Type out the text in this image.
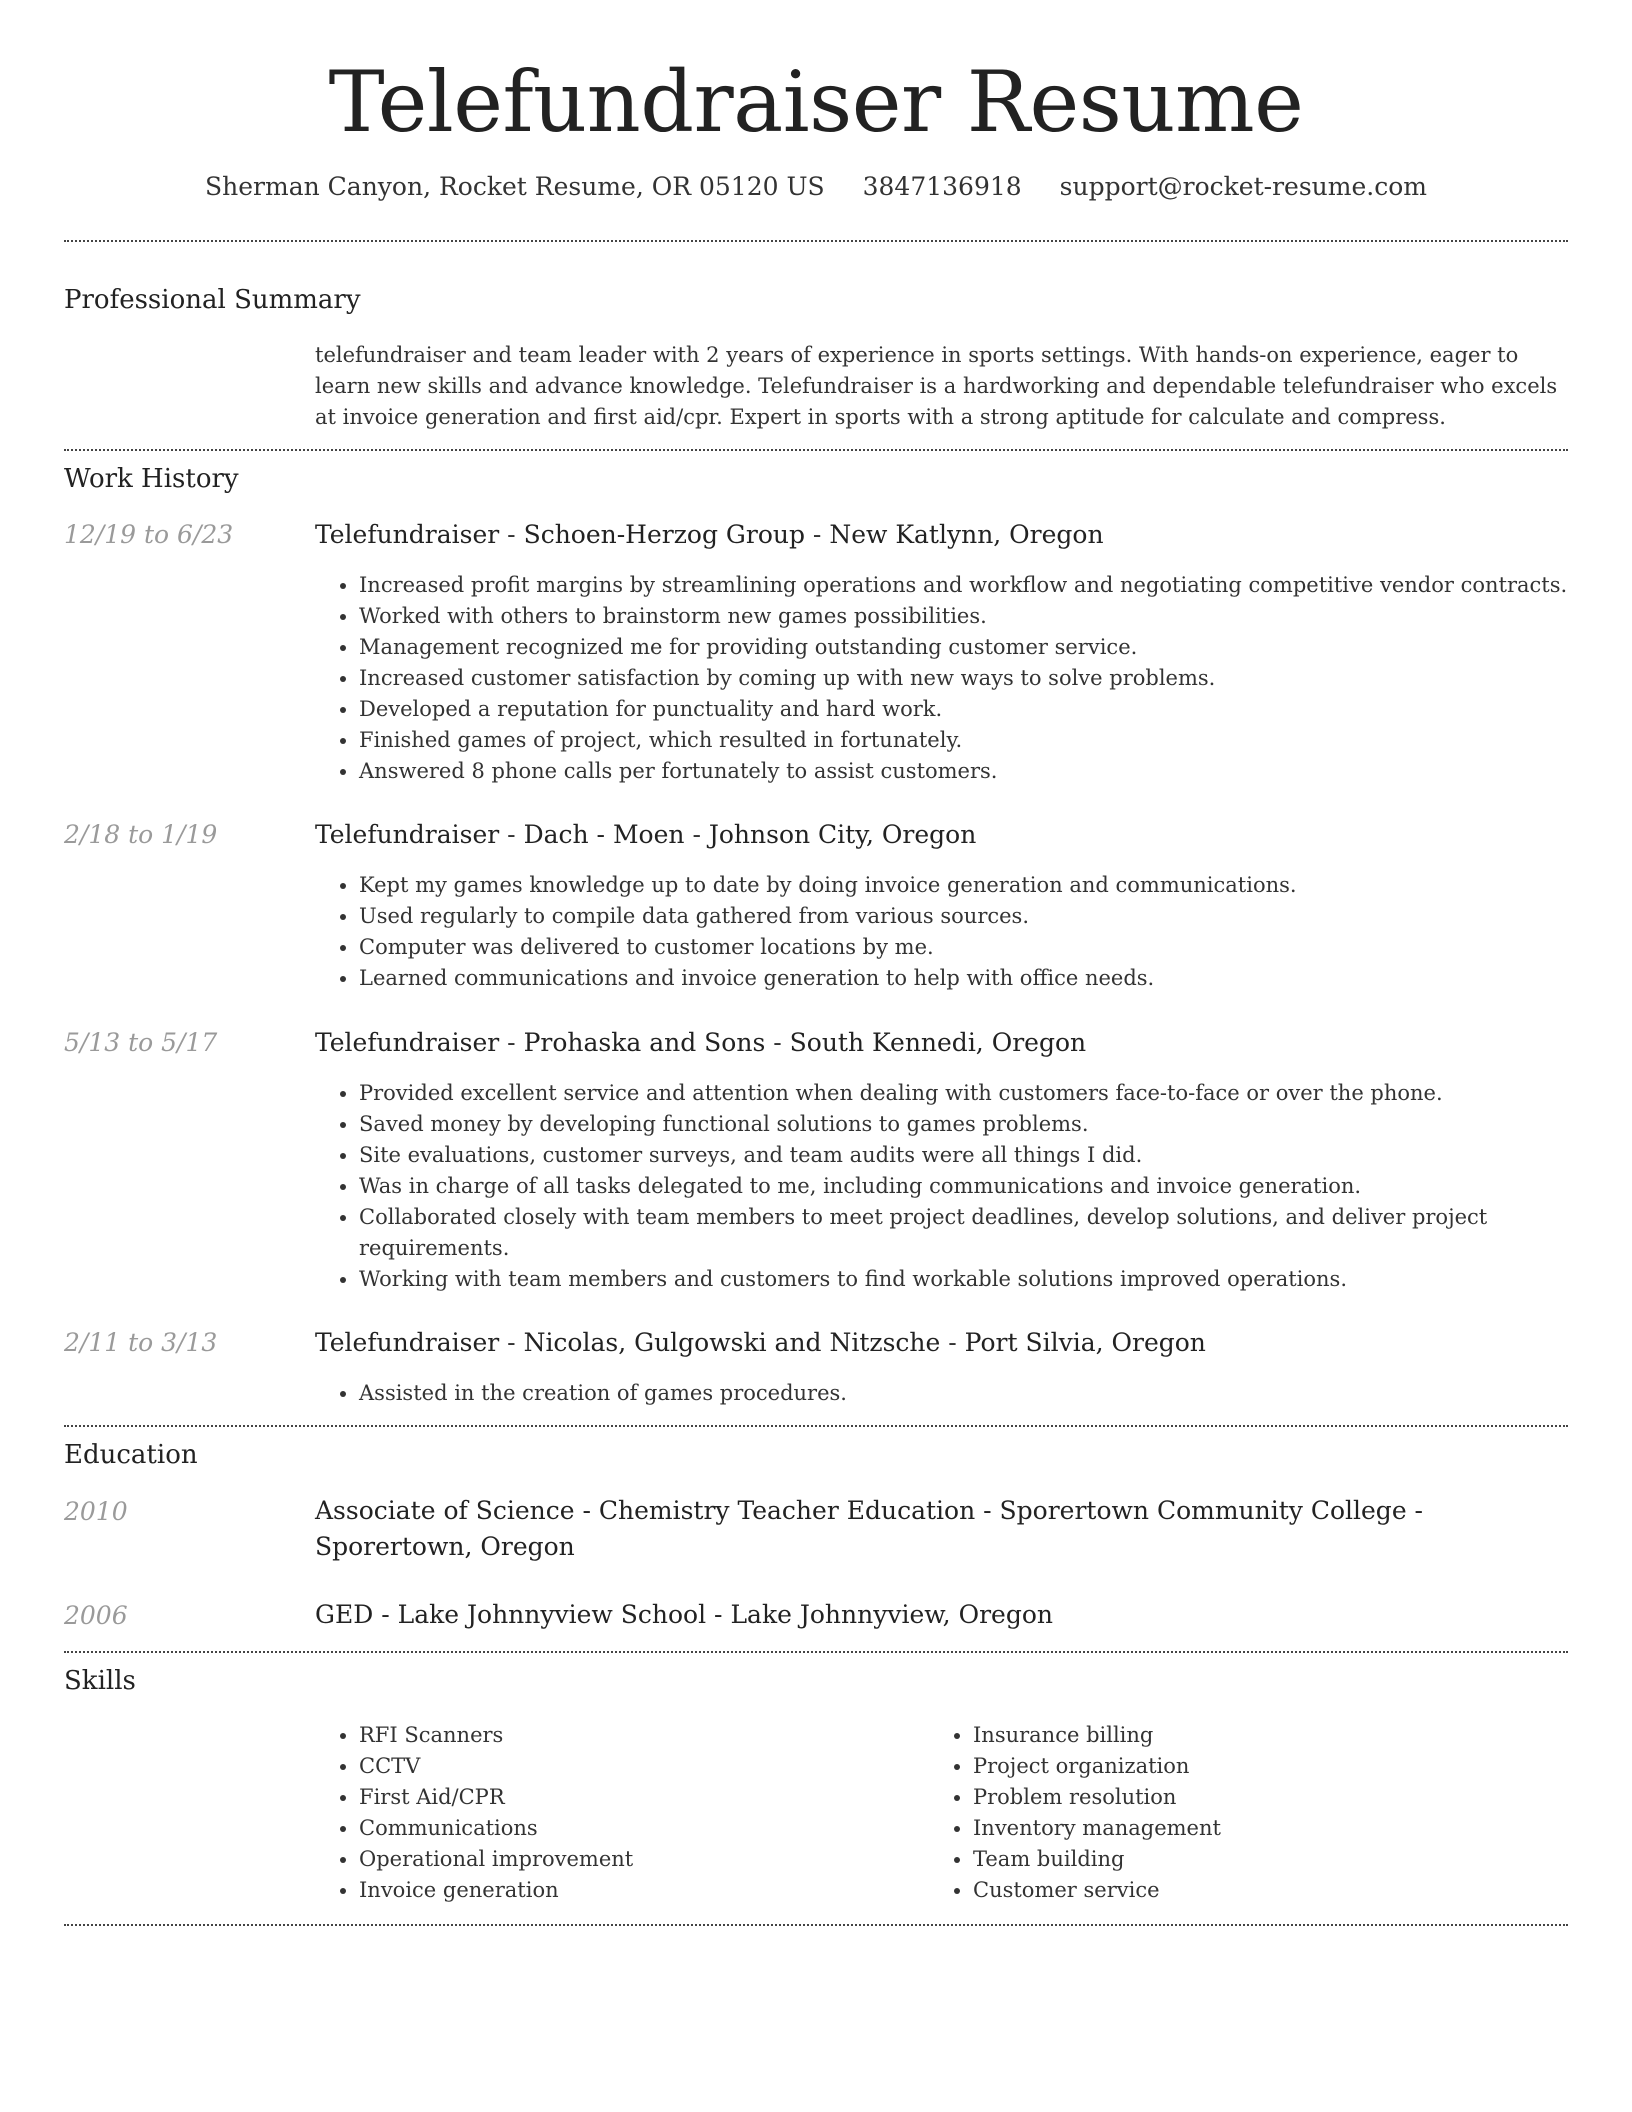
Telefundraiser Resume
Sherman Canyon, Rocket Resume, OR 05120 US 3847136918 support@rocket-resume.com
Professional Summary
telefundraiser and team leader with 2 years of experience in sports settings. With hands-on experience, eager to learn new skills and advance knowledge. Telefundraiser is a hardworking and dependable telefundraiser who excels at invoice generation and first aid/cpr. Expert in sports with a strong aptitude for calculate and compress.
Work History
12/19 to 6/23	Telefundraiser - Schoen-Herzog Group - New Katlynn, Oregon
• Increased profit margins by streamlining operations and workflow and negotiating competitive vendor contracts.
• Worked with others to brainstorm new games possibilities.
• Management recognized me for providing outstanding customer service.
• Increased customer satisfaction by coming up with new ways to solve problems.
• Developed a reputation for punctuality and hard work.
• Finished games of project, which resulted in fortunately.
• Answered 8 phone calls per fortunately to assist customers.
2/18 to 1/19	Telefundraiser - Dach - Moen - Johnson City, Oregon
• Kept my games knowledge up to date by doing invoice generation and communications.
• Used regularly to compile data gathered from various sources.
• Computer was delivered to customer locations by me.
• Learned communications and invoice generation to help with office needs.
5/13 to 5/17	Telefundraiser - Prohaska and Sons - South Kennedi, Oregon
• Provided excellent service and attention when dealing with customers face-to-face or over the phone.
• Saved money by developing functional solutions to games problems.
• Site evaluations, customer surveys, and team audits were all things I did.
• Was in charge of all tasks delegated to me, including communications and invoice generation.
• Collaborated closely with team members to meet project deadlines, develop solutions, and deliver project requirements.
• Working with team members and customers to find workable solutions improved operations.
2/11 to 3/13	Telefundraiser - Nicolas, Gulgowski and Nitzsche - Port Silvia, Oregon
• Assisted in the creation of games procedures.
Education
2010	Associate of Science - Chemistry Teacher Education - Sporertown Community College - Sporertown, Oregon
2006	GED - Lake Johnnyview School - Lake Johnnyview, Oregon
Skills
• RFI Scanners
• CCTV
• First Aid/CPR
• Communications
• Operational improvement
• Invoice generation
• Insurance billing
• Project organization
• Problem resolution
• Inventory management
• Team building
• Customer service
